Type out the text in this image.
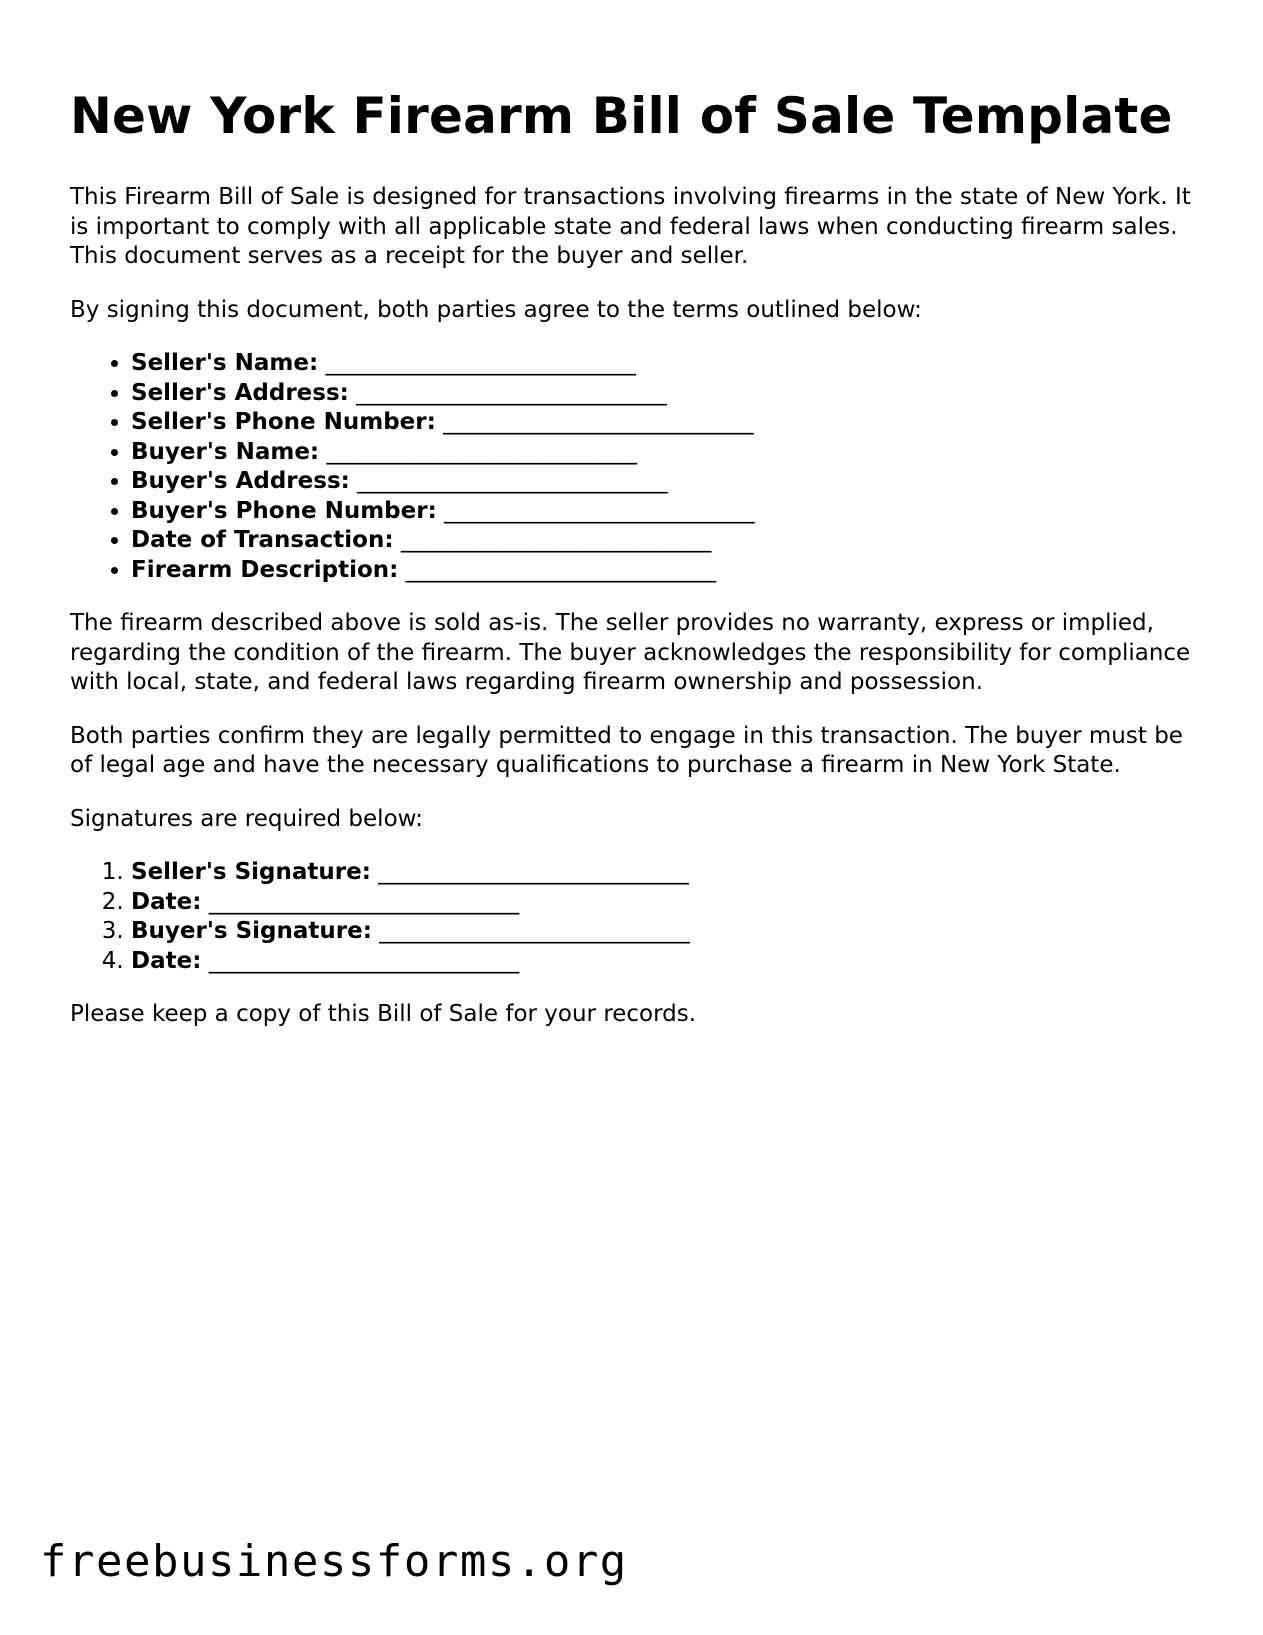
New York Firearm Bill of Sale Template

This Firearm Bill of Sale is designed for transactions involving firearms in the state of New York. It is important to comply with all applicable state and federal laws when conducting firearm sales. This document serves as a receipt for the buyer and seller.

By signing this document, both parties agree to the terms outlined below:

• Seller's Name: ___________________________
• Seller's Address: ___________________________
• Seller's Phone Number: ___________________________
• Buyer's Name: ___________________________
• Buyer's Address: ___________________________
• Buyer's Phone Number: ___________________________
• Date of Transaction: ___________________________
• Firearm Description: ___________________________

The firearm described above is sold as-is. The seller provides no warranty, express or implied, regarding the condition of the firearm. The buyer acknowledges the responsibility for compliance with local, state, and federal laws regarding firearm ownership and possession.

Both parties confirm they are legally permitted to engage in this transaction. The buyer must be of legal age and have the necessary qualifications to purchase a firearm in New York State.

Signatures are required below:

1. Seller's Signature: ___________________________
2. Date: ___________________________
3. Buyer's Signature: ___________________________
4. Date: ___________________________

Please keep a copy of this Bill of Sale for your records.

freebusinessforms.org
